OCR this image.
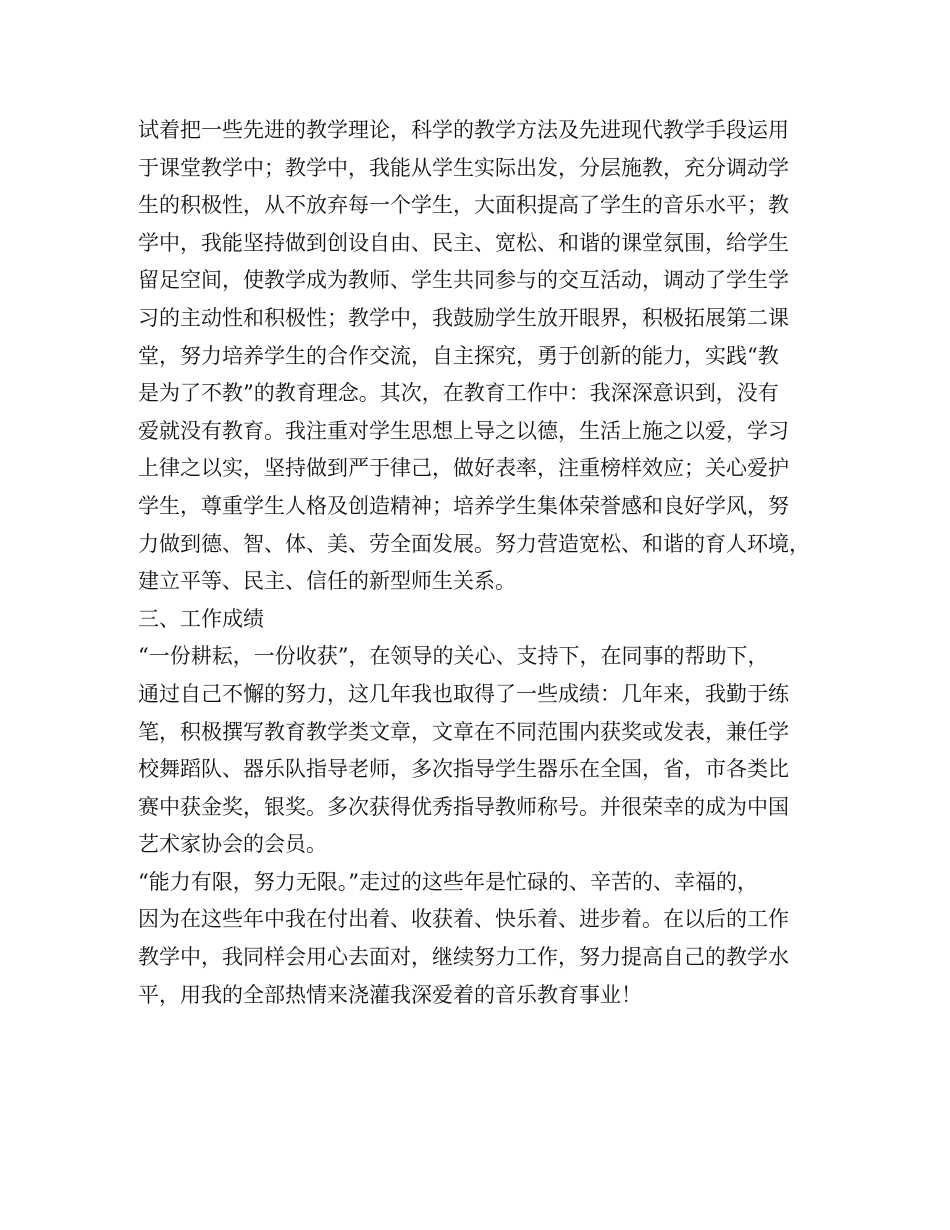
试着把一些先进的教学理论，科学的教学方法及先进现代教学手段运用
于课堂教学中；教学中，我能从学生实际出发，分层施教，充分调动学
生的积极性，从不放弃每一个学生，大面积提高了学生的音乐水平；教
学中，我能坚持做到创设自由、民主、宽松、和谐的课堂氛围，给学生
留足空间，使教学成为教师、学生共同参与的交互活动，调动了学生学
习的主动性和积极性；教学中，我鼓励学生放开眼界，积极拓展第二课
堂，努力培养学生的合作交流，自主探究，勇于创新的能力，实践“教
是为了不教”的教育理念。其次，在教育工作中：我深深意识到，没有
爱就没有教育。我注重对学生思想上导之以德，生活上施之以爱，学习
上律之以实，坚持做到严于律己，做好表率，注重榜样效应；关心爱护
学生，尊重学生人格及创造精神；培养学生集体荣誉感和良好学风，努
力做到德、智、体、美、劳全面发展。努力营造宽松、和谐的育人环境，
建立平等、民主、信任的新型师生关系。
三、工作成绩
“一份耕耘，一份收获”，在领导的关心、支持下，在同事的帮助下，
通过自己不懈的努力，这几年我也取得了一些成绩：几年来，我勤于练
笔，积极撰写教育教学类文章，文章在不同范围内获奖或发表，兼任学
校舞蹈队、器乐队指导老师，多次指导学生器乐在全国，省，市各类比
赛中获金奖，银奖。多次获得优秀指导教师称号。并很荣幸的成为中国
艺术家协会的会员。
“能力有限，努力无限。”走过的这些年是忙碌的、辛苦的、幸福的，
因为在这些年中我在付出着、收获着、快乐着、进步着。在以后的工作
教学中，我同样会用心去面对，继续努力工作，努力提高自己的教学水
平，用我的全部热情来浇灌我深爱着的音乐教育事业！
